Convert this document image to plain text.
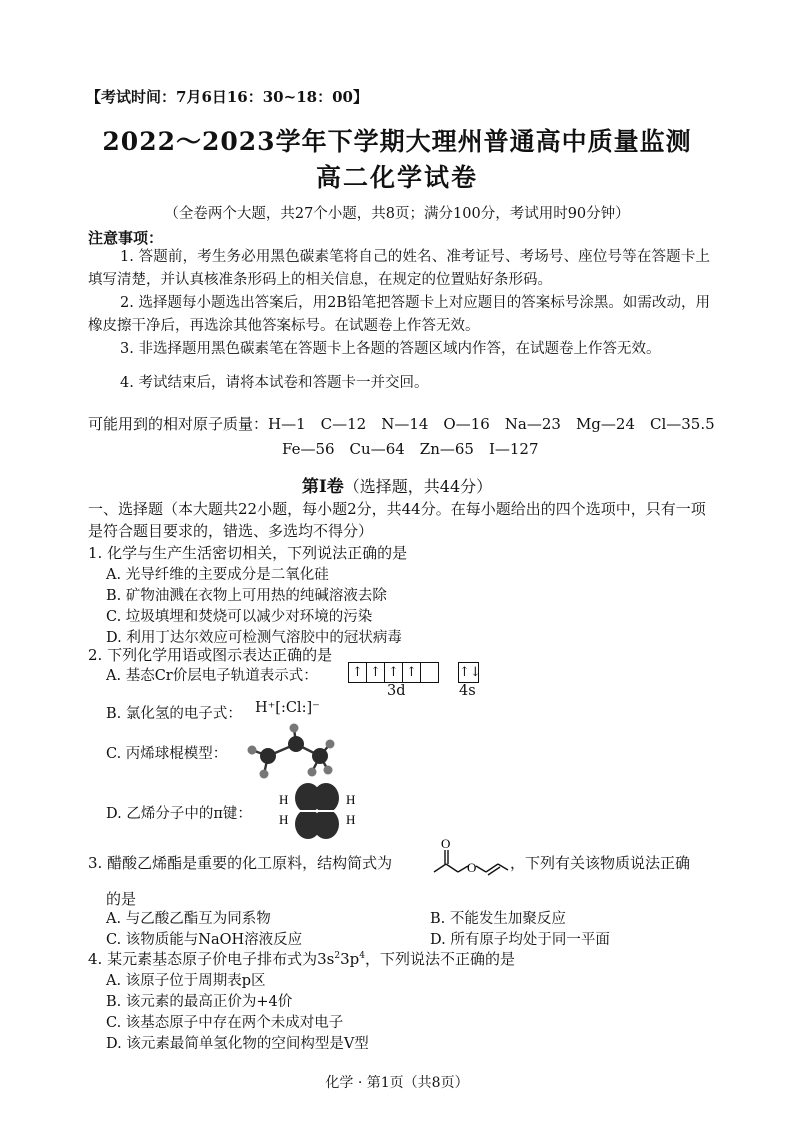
【考试时间：7月6日16：30~18：00】
2022～2023学年下学期大理州普通高中质量监测
高二化学试卷
（全卷两个大题，共27个小题，共8页；满分100分，考试用时90分钟）
注意事项：
1. 答题前，考生务必用黑色碳素笔将自己的姓名、准考证号、考场号、座位号等在答题卡上填写清楚，并认真核准条形码上的相关信息，在规定的位置贴好条形码。
2. 选择题每小题选出答案后，用2B铅笔把答题卡上对应题目的答案标号涂黑。如需改动，用橡皮擦干净后，再选涂其他答案标号。在试题卷上作答无效。
3. 非选择题用黑色碳素笔在答题卡上各题的答题区域内作答，在试题卷上作答无效。
4. 考试结束后，请将本试卷和答题卡一并交回。
可能用到的相对原子质量：H—1　C—12　N—14　O—16　Na—23　Mg—24　Cl—35.5
Fe—56　Cu—64　Zn—65　I—127
第Ⅰ卷（选择题，共44分）
一、选择题（本大题共22小题，每小题2分，共44分。在每小题给出的四个选项中，只有一项是符合题目要求的，错选、多选均不得分）
1. 化学与生产生活密切相关，下列说法正确的是
A. 光导纤维的主要成分是二氧化硅
B. 矿物油溅在衣物上可用热的纯碱溶液去除
C. 垃圾填埋和焚烧可以减少对环境的污染
D. 利用丁达尔效应可检测气溶胶中的冠状病毒
2. 下列化学用语或图示表达正确的是
A. 基态Cr价层电子轨道表示式：	↑ ↑ ↑ ↑	↑↓
3d	4s
B. 氯化氢的电子式： H⁺[:Cl:]⁻
C. 丙烯球棍模型：
D. 乙烯分子中的π键：
H
H
H
H
3. 醋酸乙烯酯是重要的化工原料，结构简式为
O
O ，下列有关该物质说法正确
的是
A. 与乙酸乙酯互为同系物	B. 不能发生加聚反应
C. 该物质能与NaOH溶液反应	D. 所有原子均处于同一平面
4. 某元素基态原子价电子排布式为$3s^23p^4$，下列说法不正确的是
A. 该原子位于周期表p区
B. 该元素的最高正价为+4价
C. 该基态原子中存在两个未成对电子
D. 该元素最简单氢化物的空间构型是V型
化学 · 第1页（共8页）
